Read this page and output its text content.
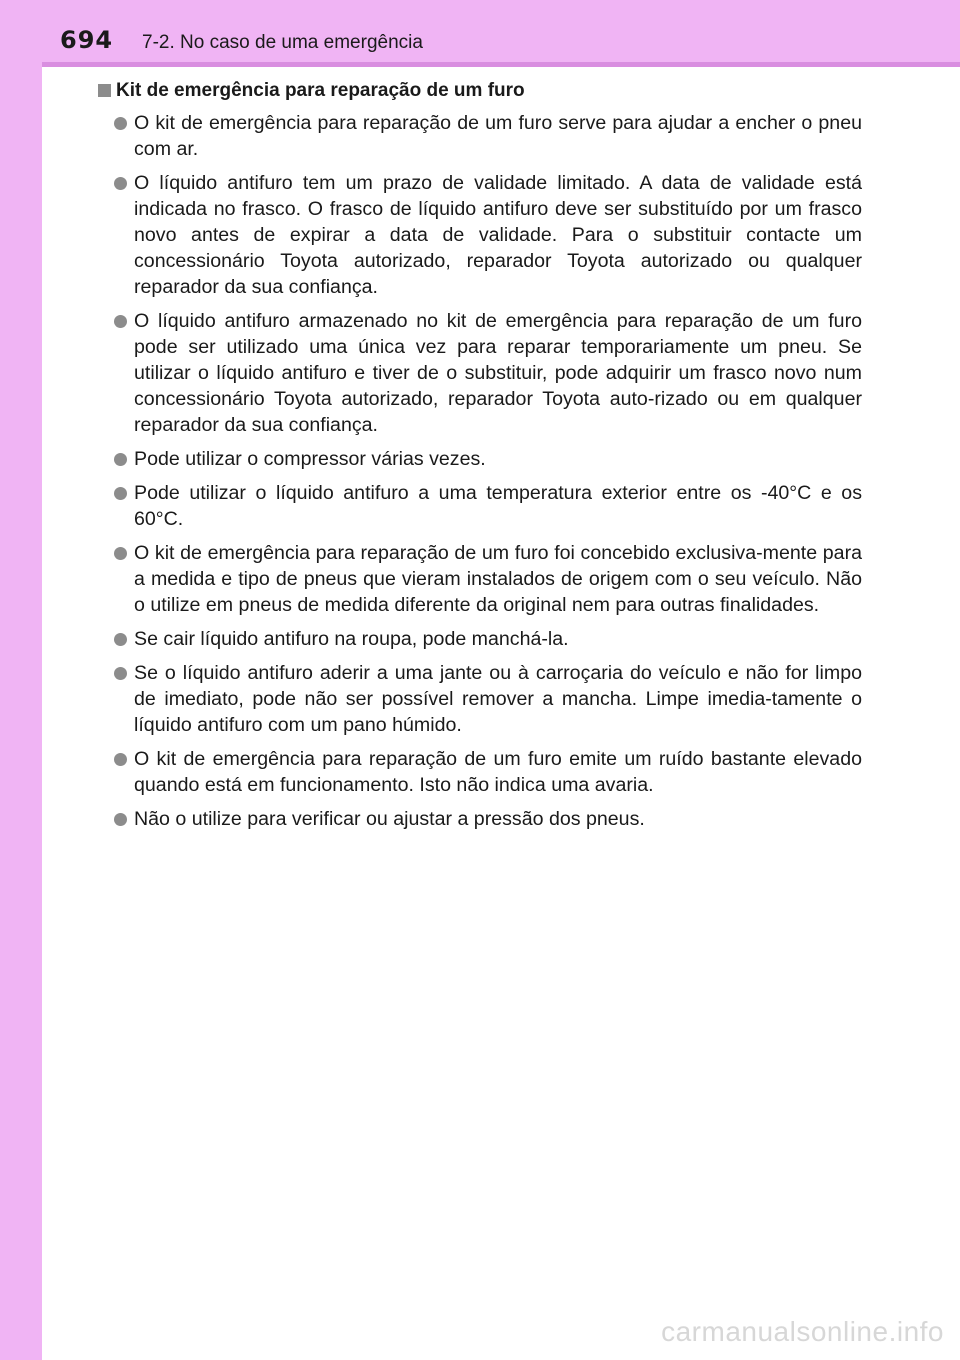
694 7-2. No caso de uma emergência
Kit de emergência para reparação de um furo
O kit de emergência para reparação de um furo serve para ajudar a encher o pneu com ar.
O líquido antifuro tem um prazo de validade limitado. A data de validade está indicada no frasco. O frasco de líquido antifuro deve ser substituído por um frasco novo antes de expirar a data de validade. Para o substituir contacte um concessionário Toyota autorizado, reparador Toyota autorizado ou qualquer reparador da sua confiança.
O líquido antifuro armazenado no kit de emergência para reparação de um furo pode ser utilizado uma única vez para reparar temporariamente um pneu. Se utilizar o líquido antifuro e tiver de o substituir, pode adquirir um frasco novo num concessionário Toyota autorizado, reparador Toyota auto-rizado ou em qualquer reparador da sua confiança.
Pode utilizar o compressor várias vezes.
Pode utilizar o líquido antifuro a uma temperatura exterior entre os -40°C e os 60°C.
O kit de emergência para reparação de um furo foi concebido exclusiva-mente para a medida e tipo de pneus que vieram instalados de origem com o seu veículo. Não o utilize em pneus de medida diferente da original nem para outras finalidades.
Se cair líquido antifuro na roupa, pode manchá-la.
Se o líquido antifuro aderir a uma jante ou à carroçaria do veículo e não for limpo de imediato, pode não ser possível remover a mancha. Limpe imedia-tamente o líquido antifuro com um pano húmido.
O kit de emergência para reparação de um furo emite um ruído bastante elevado quando está em funcionamento. Isto não indica uma avaria.
Não o utilize para verificar ou ajustar a pressão dos pneus.
carmanualsonline.info
